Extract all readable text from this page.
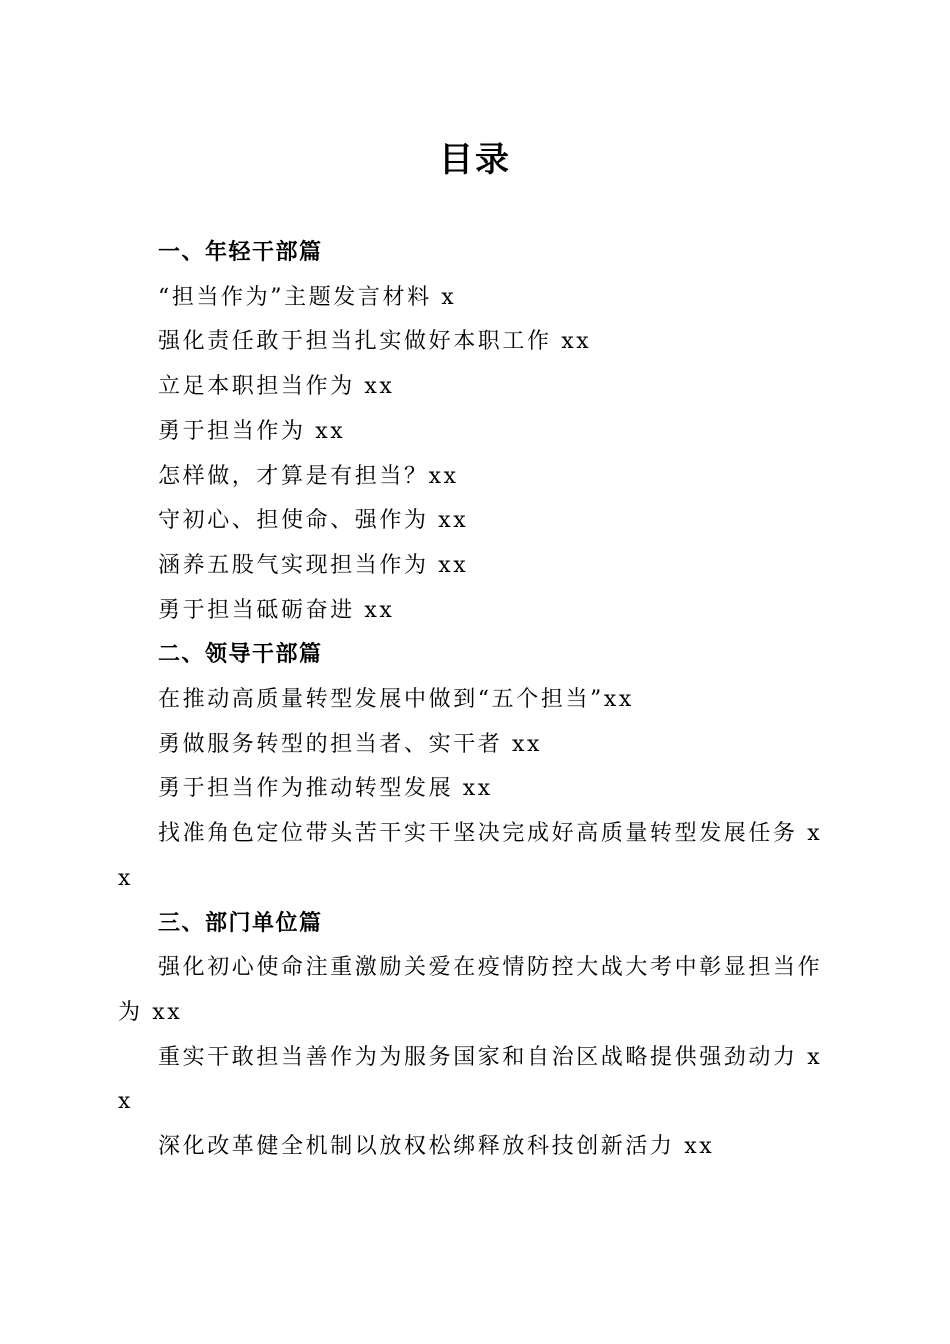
目录
一、年轻干部篇
“担当作为”主题发言材料 x
强化责任敢于担当扎实做好本职工作 xx
立足本职担当作为 xx
勇于担当作为 xx
怎样做，才算是有担当？xx
守初心、担使命、强作为 xx
涵养五股气实现担当作为 xx
勇于担当砥砺奋进 xx
二、领导干部篇
在推动高质量转型发展中做到“五个担当”xx
勇做服务转型的担当者、实干者 xx
勇于担当作为推动转型发展 xx
找准角色定位带头苦干实干坚决完成好高质量转型发展任务 xx
三、部门单位篇
强化初心使命注重激励关爱在疫情防控大战大考中彰显担当作为 xx
重实干敢担当善作为为服务国家和自治区战略提供强劲动力 xx
深化改革健全机制以放权松绑释放科技创新活力 xx
